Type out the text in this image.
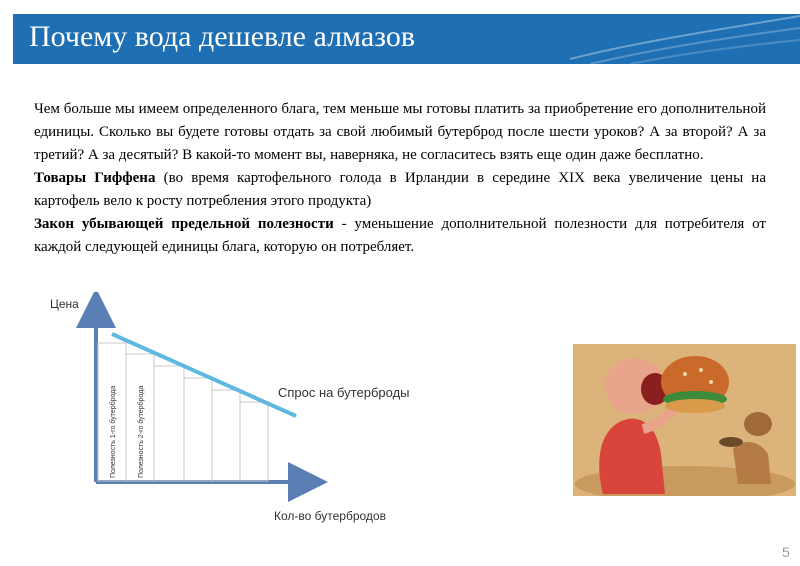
Почему вода дешевле алмазов

Чем больше мы имеем определенного блага, тем меньше мы готовы платить за приобретение его дополнительной единицы. Сколько вы будете готовы отдать за свой любимый бутерброд после шести уроков? А за второй? А за третий? А за десятый? В какой-то момент вы, наверняка, не согласитесь взять еще один даже бесплатно.

Товары Гиффена (во время картофельного голода в Ирландии в середине XIX века увеличение цены на картофель вело к росту потребления этого продукта)

Закон убывающей предельной полезности - уменьшение дополнительной полезности для потребителя от каждой следующей единицы блага, которую он потребляет.

Цена
Кол-во бутербродов
Спрос на бутерброды
Полезность 1-го бутерброда	Полезность 2-го бутерброда
5
